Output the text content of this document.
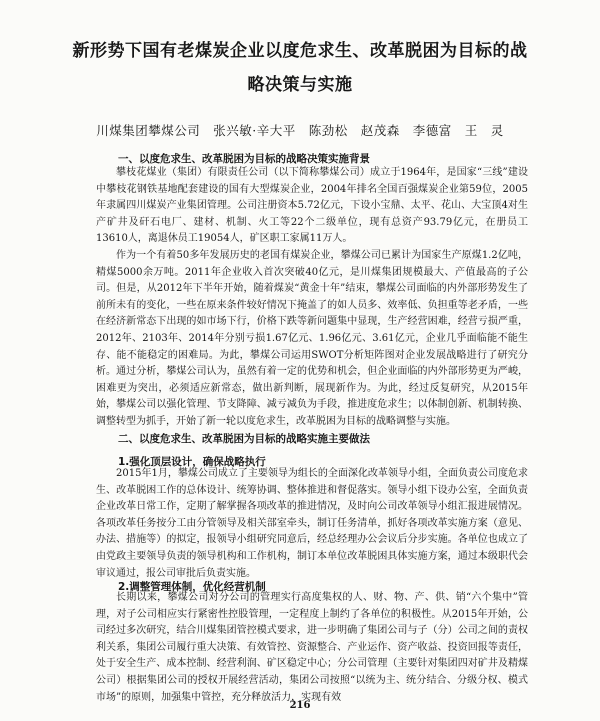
新形势下国有老煤炭企业以度危求生、改革脱困为目标的战
略决策与实施
川煤集团攀煤公司　张兴敏·辛大平　陈劲松　赵茂森　李德富　王　灵
一、以度危求生、改革脱困为目标的战略决策实施背景

攀枝花煤业（集团）有限责任公司（以下简称攀煤公司）成立于1964年，是国家“三线”建设中攀枝花钢铁基地配套建设的国有大型煤炭企业，2004年排名全国百强煤炭企业第59位，2005年隶属四川煤炭产业集团管理。公司注册资本5.72亿元，下设小宝鼎、太平、花山、大宝顶4对生产矿井及矸石电厂、建材、机制、火工等22个二级单位，现有总资产93.79亿元，在册员工13610人，离退休员工19054人，矿区职工家属11万人。

作为一个有着50多年发展历史的老国有煤炭企业，攀煤公司已累计为国家生产原煤1.2亿吨，精煤5000余万吨。2011年企业收入首次突破40亿元，是川煤集团规模最大、产值最高的子公司。但是，从2012年下半年开始，随着煤炭“黄金十年”结束，攀煤公司面临的内外部形势发生了前所未有的变化，一些在原来条件较好情况下掩盖了的如人员多、效率低、负担重等老矛盾，一些在经济新常态下出现的如市场下行，价格下跌等新问题集中显现，生产经营困难，经营亏损严重，2012年、2103年、2014年分别亏损1.67亿元、1.96亿元、3.61亿元，企业几乎面临能不能生存、能不能稳定的困难局。为此，攀煤公司运用SWOT分析矩阵图对企业发展战略进行了研究分析。通过分析，攀煤公司认为，虽然有着一定的优势和机会，但企业面临的内外部形势更为严峻，困难更为突出，必须适应新常态，做出新判断，展现新作为。为此，经过反复研究，从2015年始，攀煤公司以强化管理、节支降障、减亏减负为手段，推进度危求生；以体制创新、机制转换、调整转型为抓手，开始了新一轮以度危求生，改革脱困为目标的战略调整与实施。

二、以度危求生、改革脱困为目标的战略实施主要做法
1.强化顶层设计，确保战略执行

2015年1月，攀煤公司成立了主要领导为组长的全面深化改革领导小组，全面负责公司度危求生、改革脱困工作的总体设计、统筹协调、整体推进和督促落实。领导小组下设办公室，全面负责企业改革日常工作，定期了解掌握各项改革的推进情况，及时向公司改革领导小组汇报进展情况。各项改革任务按分工由分管领导及相关部室牵头，制订任务清单，抓好各项改革实施方案（意见、办法、措施等）的拟定，报领导小组研究同意后，经总经理办公会议后分步实施。各单位也成立了由党政主要领导负责的领导机构和工作机构，制订本单位改革脱困具体实施方案，通过本级职代会审议通过，报公司审批后负责实施。

2.调整管理体制，优化经营机制

长期以来，攀煤公司对分公司的管理实行高度集权的人、财、物、产、供、销“六个集中”管理，对子公司相应实行紧密性控股管理，一定程度上制约了各单位的积极性。从2015年开始，公司经过多次研究，结合川煤集团管控模式要求，进一步明确了集团公司与子（分）公司之间的责权利关系，集团公司履行重大决策、有效管控、资源整合、产业运作、资产收益、投资回报等责任，处于安全生产、成本控制、经营利润、矿区稳定中心；分公司管理（主要针对集团四对矿井及精煤公司）根据集团公司的授权开展经营活动，集团公司按照“以统为主、统分结合、分级分权、模式市场”的原则，加强集中管控，充分释放活力，实现有效

216
